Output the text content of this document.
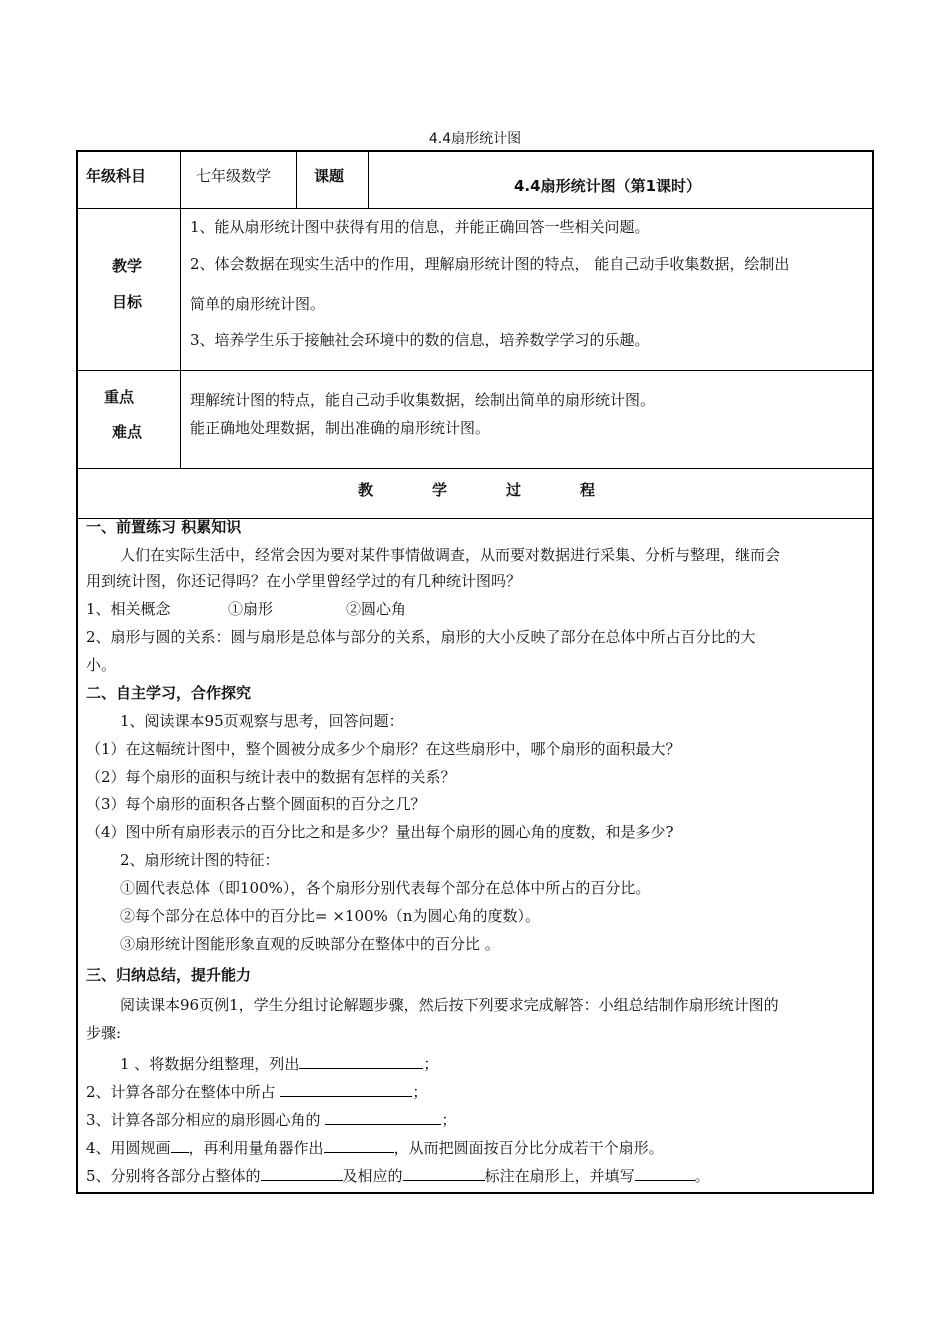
4.4扇形统计图
年级科目	七年级数学	课题
4.4扇形统计图（第1课时）
教学
目标
1、能从扇形统计图中获得有用的信息，并能正确回答一些相关问题。
2、体会数据在现实生活中的作用，理解扇形统计图的特点， 能自己动手收集数据，绘制出
简单的扇形统计图。
3、培养学生乐于接触社会环境中的数的信息，培养数学学习的乐趣。
重点
难点
理解统计图的特点，能自己动手收集数据，绘制出简单的扇形统计图。
能正确地处理数据，制出准确的扇形统计图。
教	学	过	程
一、前置练习 积累知识
人们在实际生活中，经常会因为要对某件事情做调查，从而要对数据进行采集、分析与整理，继而会
用到统计图，你还记得吗？在小学里曾经学过的有几种统计图吗？
1、相关概念	①扇形	②圆心角
2、扇形与圆的关系：圆与扇形是总体与部分的关系，扇形的大小反映了部分在总体中所占百分比的大
小。
二、自主学习，合作探究
1、阅读课本95页观察与思考，回答问题：
（1）在这幅统计图中，整个圆被分成多少个扇形？在这些扇形中，哪个扇形的面积最大？
（2）每个扇形的面积与统计表中的数据有怎样的关系？
（3）每个扇形的面积各占整个圆面积的百分之几？
（4）图中所有扇形表示的百分比之和是多少？量出每个扇形的圆心角的度数，和是多少?
2、扇形统计图的特征：
①圆代表总体（即100%），各个扇形分别代表每个部分在总体中所占的百分比。
②每个部分在总体中的百分比= ×100%（n为圆心角的度数）。
③扇形统计图能形象直观的反映部分在整体中的百分比 。
三、归纳总结，提升能力
阅读课本96页例1，学生分组讨论解题步骤，然后按下列要求完成解答：小组总结制作扇形统计图的
步骤:
1 、将数据分组整理，列出	；
2、计算各部分在整体中所占	；
3、计算各部分相应的扇形圆心角的	；
4、用圆规画 ，再利用量角器作出	，从而把圆面按百分比分成若干个扇形。
5、分别将各部分占整体的	及相应的	标注在扇形上，并填写	。
